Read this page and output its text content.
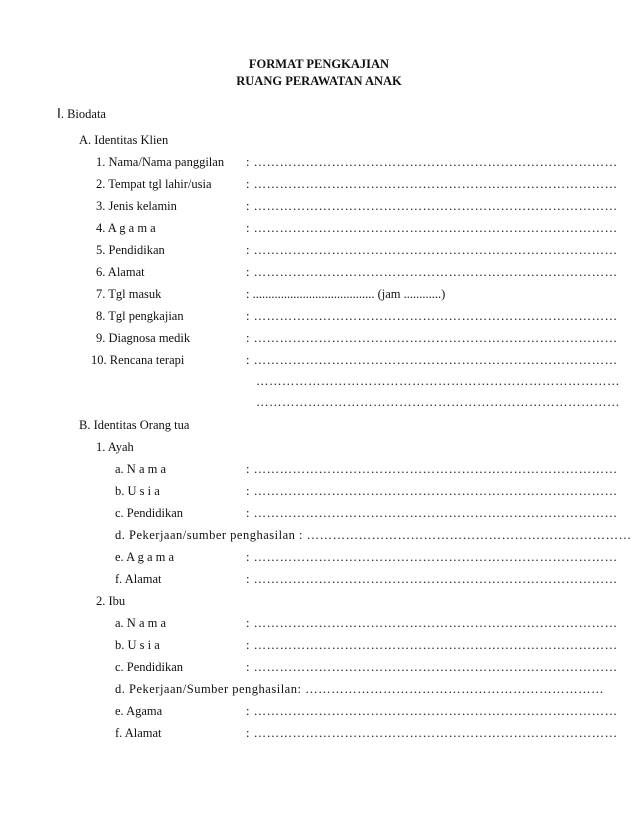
FORMAT PENGKAJIAN
RUANG PERAWATAN ANAK
I. Biodata
A. Identitas Klien
1. Nama/Nama panggilan : …………………………………………………………………………
2. Tempat tgl lahir/usia	: …………………………………………………………………………
3. Jenis kelamin	: …………………………………………………………………………
4. A g a m a	: …………………………………………………………………………
5. Pendidikan	: …………………………………………………………………………
6. Alamat	: …………………………………………………………………………
7. Tgl masuk	: ....................................... (jam ............)
8. Tgl pengkajian	: …………………………………………………………………………
9. Diagnosa medik	: …………………………………………………………………………
10. Rencana terapi	: …………………………………………………………………………
…………………………………………………………………………
…………………………………………………………………………
B. Identitas Orang tua
1. Ayah
a. N a m a	: …………………………………………………………………………
b. U s i a	: …………………………………………………………………………
c. Pendidikan	: …………………………………………………………………………
d. Pekerjaan/sumber penghasilan : …………………………………………………………………
e. A g a m a	: …………………………………………………………………………
f. Alamat	: …………………………………………………………………………
2. Ibu
a. N a m a	: …………………………………………………………………………
b. U s i a	: …………………………………………………………………………
c. Pendidikan	: …………………………………………………………………………
d. Pekerjaan/Sumber penghasilan: ……………………………………………………………
e. Agama	: …………………………………………………………………………
f. Alamat	: …………………………………………………………………………
